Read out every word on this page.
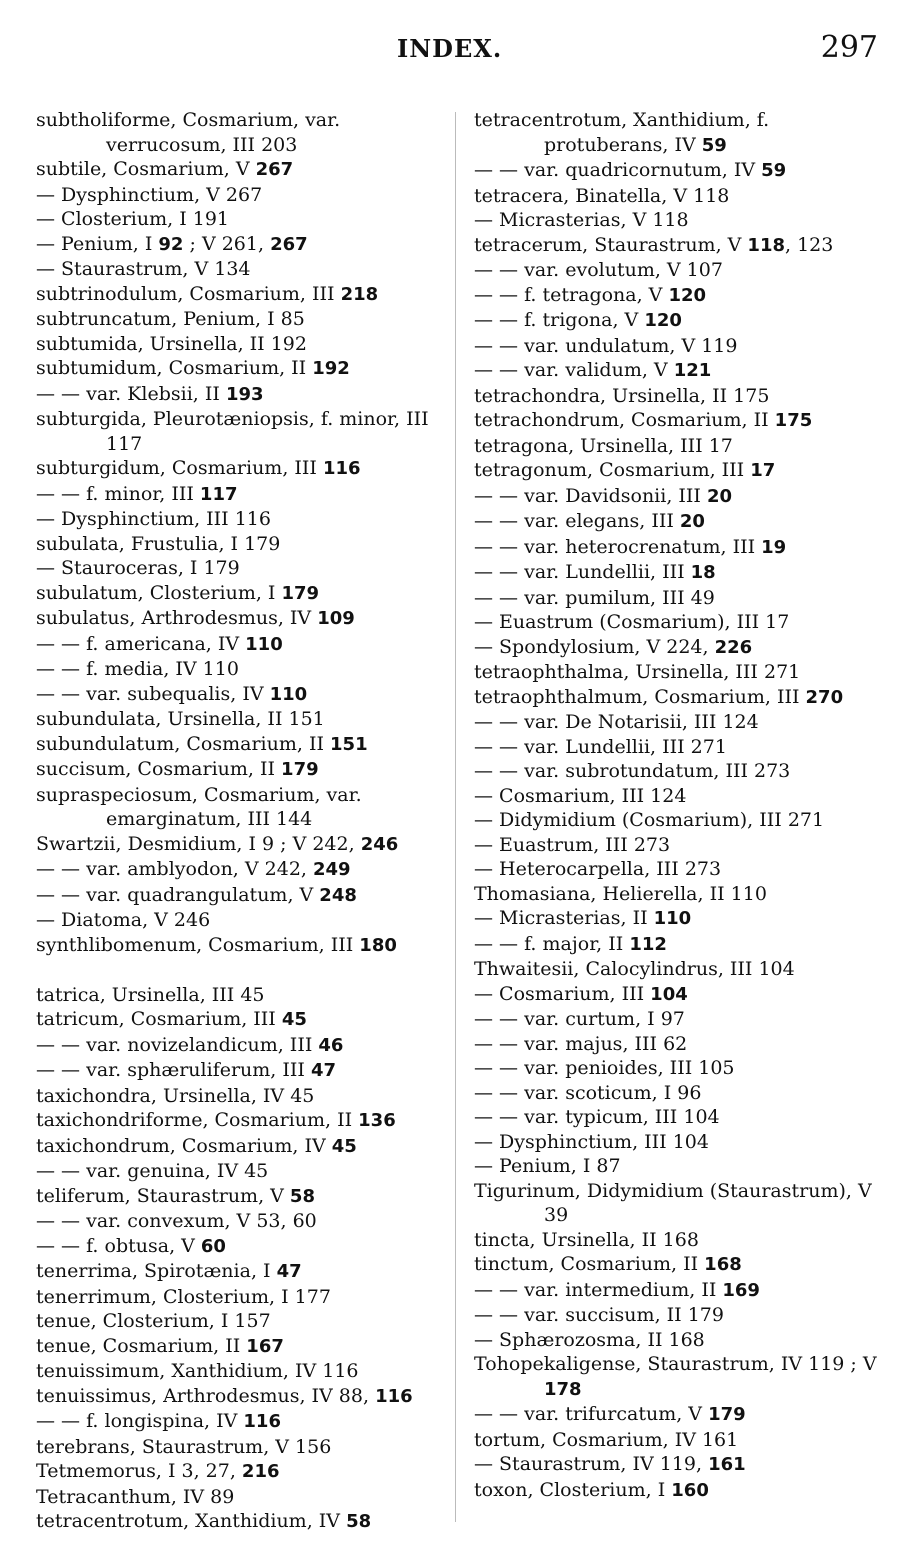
INDEX.	297
subtholiforme, Cosmarium, var. verrucosum, III 203
subtile, Cosmarium, V 267
— Dysphinctium, V 267
— Closterium, I 191
— Penium, I 92 ; V 261, 267
— Staurastrum, V 134
subtrinodulum, Cosmarium, III 218
subtruncatum, Penium, I 85
subtumida, Ursinella, II 192
subtumidum, Cosmarium, II 192
— — var. Klebsii, II 193
subturgida, Pleurotæniopsis, f. minor, III 117
subturgidum, Cosmarium, III 116
— — f. minor, III 117
— Dysphinctium, III 116
subulata, Frustulia, I 179
— Stauroceras, I 179
subulatum, Closterium, I 179
subulatus, Arthrodesmus, IV 109
— — f. americana, IV 110
— — f. media, IV 110
— — var. subequalis, IV 110
subundulata, Ursinella, II 151
subundulatum, Cosmarium, II 151
succisum, Cosmarium, II 179
supraspeciosum, Cosmarium, var. emarginatum, III 144
Swartzii, Desmidium, I 9 ; V 242, 246
— — var. amblyodon, V 242, 249
— — var. quadrangulatum, V 248
— Diatoma, V 246
synthlibomenum, Cosmarium, III 180
tatrica, Ursinella, III 45
tatricum, Cosmarium, III 45
— — var. novizelandicum, III 46
— — var. sphæruliferum, III 47
taxichondra, Ursinella, IV 45
taxichondriforme, Cosmarium, II 136
taxichondrum, Cosmarium, IV 45
— — var. genuina, IV 45
teliferum, Staurastrum, V 58
— — var. convexum, V 53, 60
— — f. obtusa, V 60
tenerrima, Spirotænia, I 47
tenerrimum, Closterium, I 177
tenue, Closterium, I 157
tenue, Cosmarium, II 167
tenuissimum, Xanthidium, IV 116
tenuissimus, Arthrodesmus, IV 88, 116
— — f. longispina, IV 116
terebrans, Staurastrum, V 156
Tetmemorus, I 3, 27, 216
Tetracanthum, IV 89
tetracentrotum, Xanthidium, IV 58
tetracentrotum, Xanthidium, f. protuberans, IV 59
— — var. quadricornutum, IV 59
tetracera, Binatella, V 118
— Micrasterias, V 118
tetracerum, Staurastrum, V 118, 123
— — var. evolutum, V 107
— — f. tetragona, V 120
— — f. trigona, V 120
— — var. undulatum, V 119
— — var. validum, V 121
tetrachondra, Ursinella, II 175
tetrachondrum, Cosmarium, II 175
tetragona, Ursinella, III 17
tetragonum, Cosmarium, III 17
— — var. Davidsonii, III 20
— — var. elegans, III 20
— — var. heterocrenatum, III 19
— — var. Lundellii, III 18
— — var. pumilum, III 49
— Euastrum (Cosmarium), III 17
— Spondylosium, V 224, 226
tetraophthalma, Ursinella, III 271
tetraophthalmum, Cosmarium, III 270
— — var. De Notarisii, III 124
— — var. Lundellii, III 271
— — var. subrotundatum, III 273
— Cosmarium, III 124
— Didymidium (Cosmarium), III 271
— Euastrum, III 273
— Heterocarpella, III 273
Thomasiana, Helierella, II 110
— Micrasterias, II 110
— — f. major, II 112
Thwaitesii, Calocylindrus, III 104
— Cosmarium, III 104
— — var. curtum, I 97
— — var. majus, III 62
— — var. penioides, III 105
— — var. scoticum, I 96
— — var. typicum, III 104
— Dysphinctium, III 104
— Penium, I 87
Tigurinum, Didymidium (Staurastrum), V 39
tincta, Ursinella, II 168
tinctum, Cosmarium, II 168
— — var. intermedium, II 169
— — var. succisum, II 179
— Sphærozosma, II 168
Tohopekaligense, Staurastrum, IV 119 ; V 178
— — var. trifurcatum, V 179
tortum, Cosmarium, IV 161
— Staurastrum, IV 119, 161
toxon, Closterium, I 160
